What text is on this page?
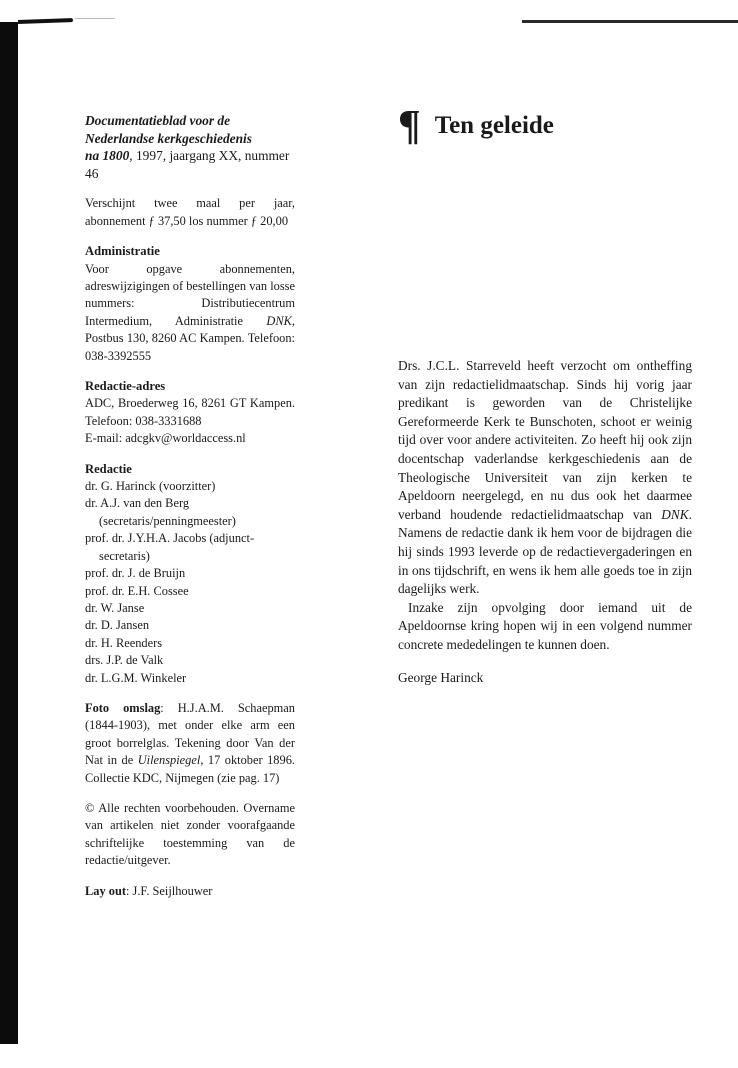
Documentatieblad voor de
Nederlandse kerkgeschiedenis
na 1800, 1997, jaargang XX, nummer 46

Verschijnt twee maal per jaar, abonnement ƒ 37,50 los nummer ƒ 20,00

Administratie

Voor opgave abonnementen, adreswijzigingen of bestellingen van losse nummers: Distributiecentrum Intermedium, Administratie DNK, Postbus 130, 8260 AC Kampen. Telefoon: 038-3392555

Redactie-adres

ADC, Broederweg 16, 8261 GT Kampen. Telefoon: 038-3331688

E-mail: adcgkv@worldaccess.nl

Redactie
dr. G. Harinck (voorzitter)
dr. A.J. van den Berg (secretaris/penningmeester)
prof. dr. J.Y.H.A. Jacobs (adjunct-secretaris)
prof. dr. J. de Bruijn
prof. dr. E.H. Cossee
dr. W. Janse
dr. D. Jansen
dr. H. Reenders
drs. J.P. de Valk
dr. L.G.M. Winkeler

Foto omslag: H.J.A.M. Schaepman (1844-1903), met onder elke arm een groot borrelglas. Tekening door Van der Nat in de Uilenspiegel, 17 oktober 1896. Collectie KDC, Nijmegen (zie pag. 17)

© Alle rechten voorbehouden. Overname van artikelen niet zonder voorafgaande schriftelijke toestemming van de redactie/uitgever.

Lay out: J.F. Seijlhouwer

¶ Ten geleide

Drs. J.C.L. Starreveld heeft verzocht om ontheffing van zijn redactielidmaatschap. Sinds hij vorig jaar predikant is geworden van de Christelijke Gereformeerde Kerk te Bunschoten, schoot er weinig tijd over voor andere activiteiten. Zo heeft hij ook zijn docentschap vaderlandse kerkgeschiedenis aan de Theologische Universiteit van zijn kerken te Apeldoorn neergelegd, en nu dus ook het daarmee verband houdende redactielidmaatschap van DNK. Namens de redactie dank ik hem voor de bijdragen die hij sinds 1993 leverde op de redactievergaderingen en in ons tijdschrift, en wens ik hem alle goeds toe in zijn dagelijks werk.

Inzake zijn opvolging door iemand uit de Apeldoornse kring hopen wij in een volgend nummer concrete mededelingen te kunnen doen.

George Harinck
